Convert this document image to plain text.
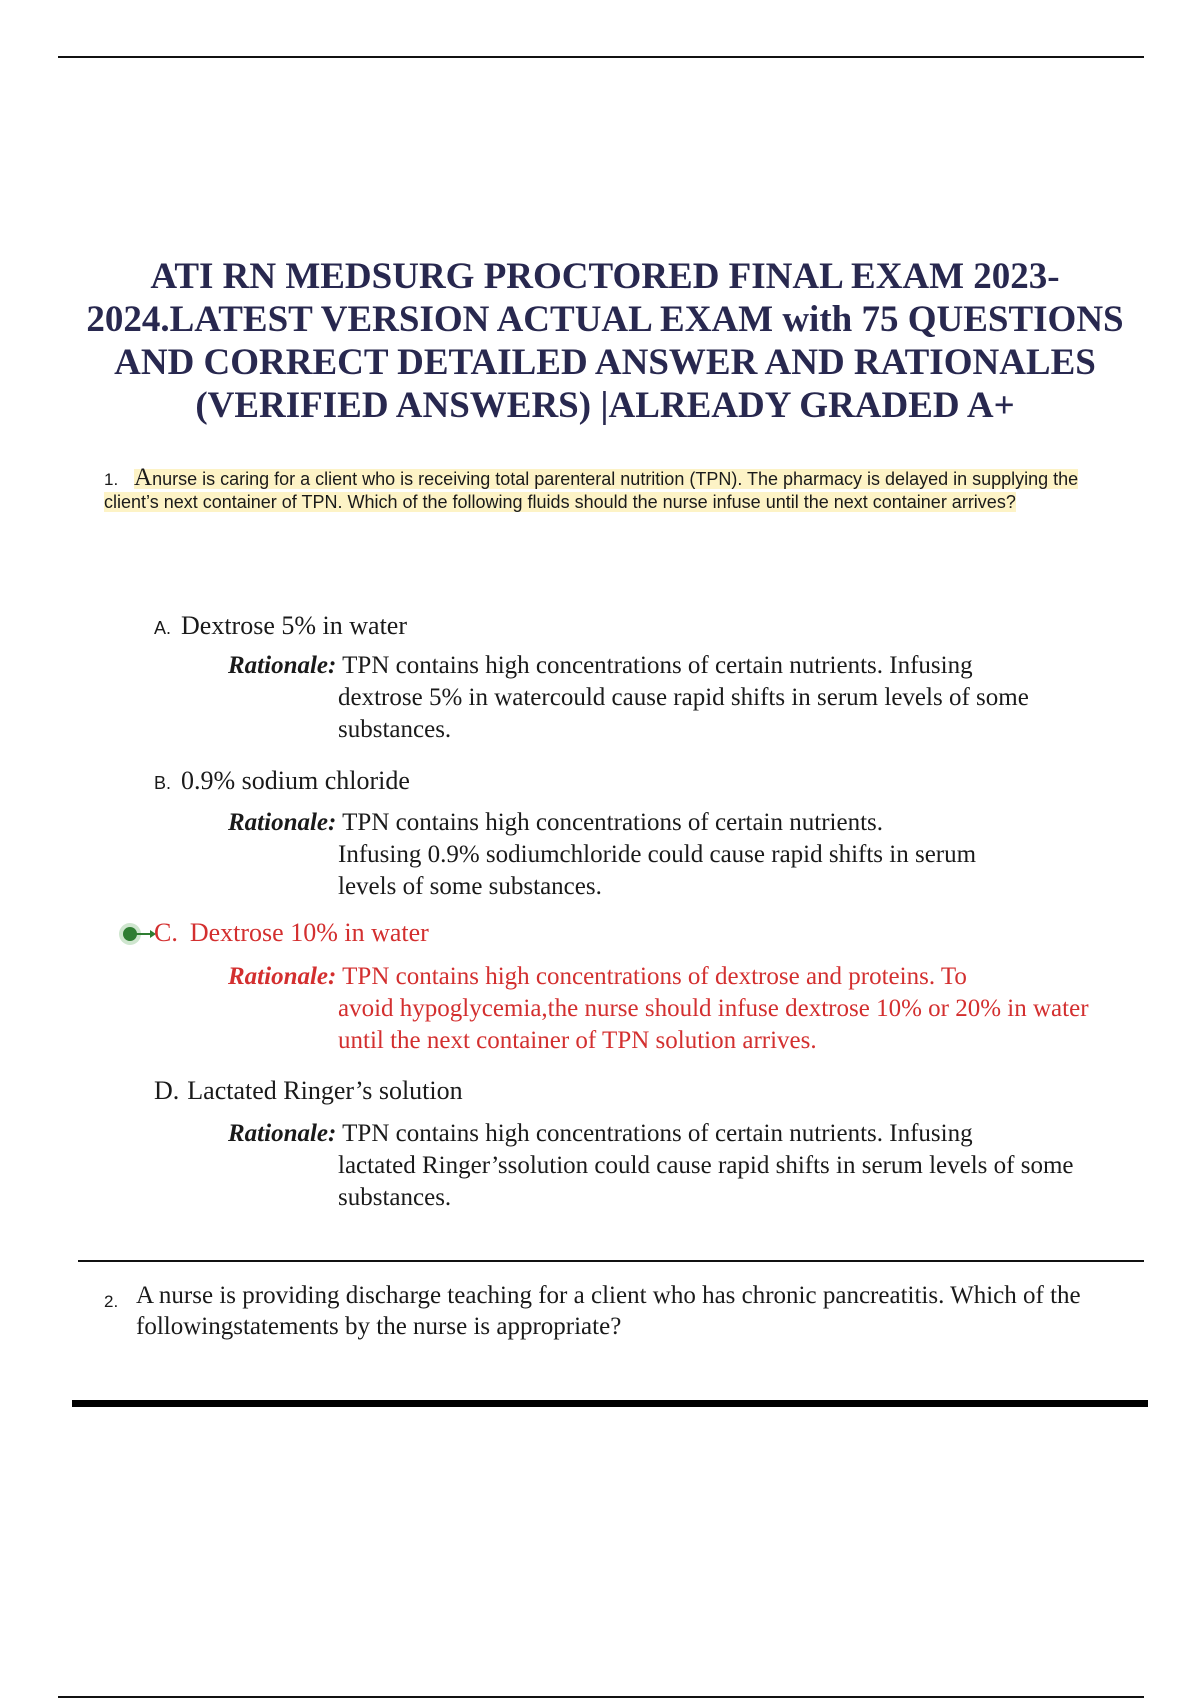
ATI RN MEDSURG PROCTORED FINAL EXAM 2023-
2024.LATEST VERSION ACTUAL EXAM with 75 QUESTIONS
AND CORRECT DETAILED ANSWER AND RATIONALES
(VERIFIED ANSWERS) |ALREADY GRADED A+
1. Anurse is caring for a client who is receiving total parenteral nutrition (TPN). The pharmacy is delayed in supplying the client’s next container of TPN. Which of the following fluids should the nurse infuse until the next container arrives?
A. Dextrose 5% in water
Rationale: TPN contains high concentrations of certain nutrients. Infusing
dextrose 5% in watercould cause rapid shifts in serum levels of some substances.
B. 0.9% sodium chloride
Rationale: TPN contains high concentrations of certain nutrients.
Infusing 0.9% sodiumchloride could cause rapid shifts in serum levels of some substances.
C. Dextrose 10% in water
Rationale: TPN contains high concentrations of dextrose and proteins. To
avoid hypoglycemia,the nurse should infuse dextrose 10% or 20% in water until the next container of TPN solution arrives.
D. Lactated Ringer’s solution
Rationale: TPN contains high concentrations of certain nutrients. Infusing
lactated Ringer’ssolution could cause rapid shifts in serum levels of some substances.
2. A nurse is providing discharge teaching for a client who has chronic pancreatitis. Which of the followingstatements by the nurse is appropriate?
